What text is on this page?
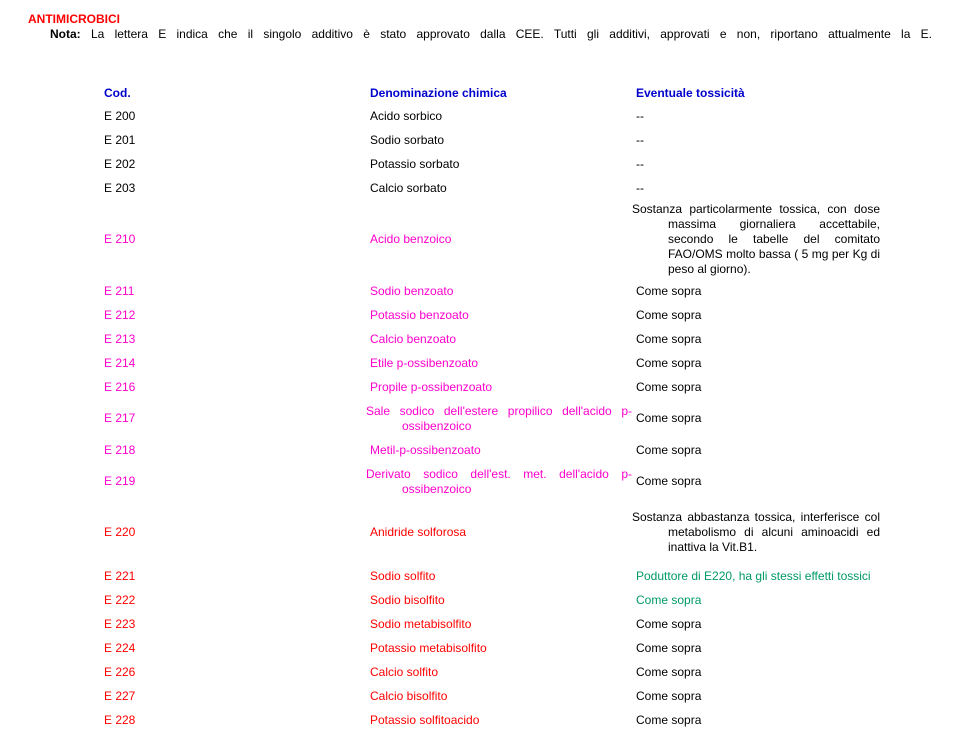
ANTIMICROBICI
Nota: La lettera E indica che il singolo additivo è stato approvato dalla CEE. Tutti gli additivi, approvati e non, riportano attualmente la E.
Cod.	Denominazione chimica	Eventuale tossicità
E 200	Acido sorbico	--
E 201	Sodio sorbato	--
E 202	Potassio sorbato	--
E 203	Calcio sorbato	--
E 210	Acido benzoico	Sostanza particolarmente tossica, con dose massima giornaliera accettabile, secondo le tabelle del comitato FAO/OMS molto bassa ( 5 mg per Kg di peso al giorno).
E 211	Sodio benzoato	Come sopra
E 212	Potassio benzoato	Come sopra
E 213	Calcio benzoato	Come sopra
E 214	Etile p-ossibenzoato	Come sopra
E 216	Propile p-ossibenzoato	Come sopra
E 217	Sale sodico dell'estere propilico dell'acido p-ossibenzoico	Come sopra
E 218	Metil-p-ossibenzoato	Come sopra
E 219	Derivato sodico dell'est. met. dell'acido p-ossibenzoico	Come sopra
E 220	Anidride solforosa	Sostanza abbastanza tossica, interferisce col metabolismo di alcuni aminoacidi ed inattiva la Vit.B1.
E 221	Sodio solfito	Poduttore di E220, ha gli stessi effetti tossici
E 222	Sodio bisolfito	Come sopra
E 223	Sodio metabisolfito	Come sopra
E 224	Potassio metabisolfito	Come sopra
E 226	Calcio solfito	Come sopra
E 227	Calcio bisolfito	Come sopra
E 228	Potassio solfitoacido	Come sopra
